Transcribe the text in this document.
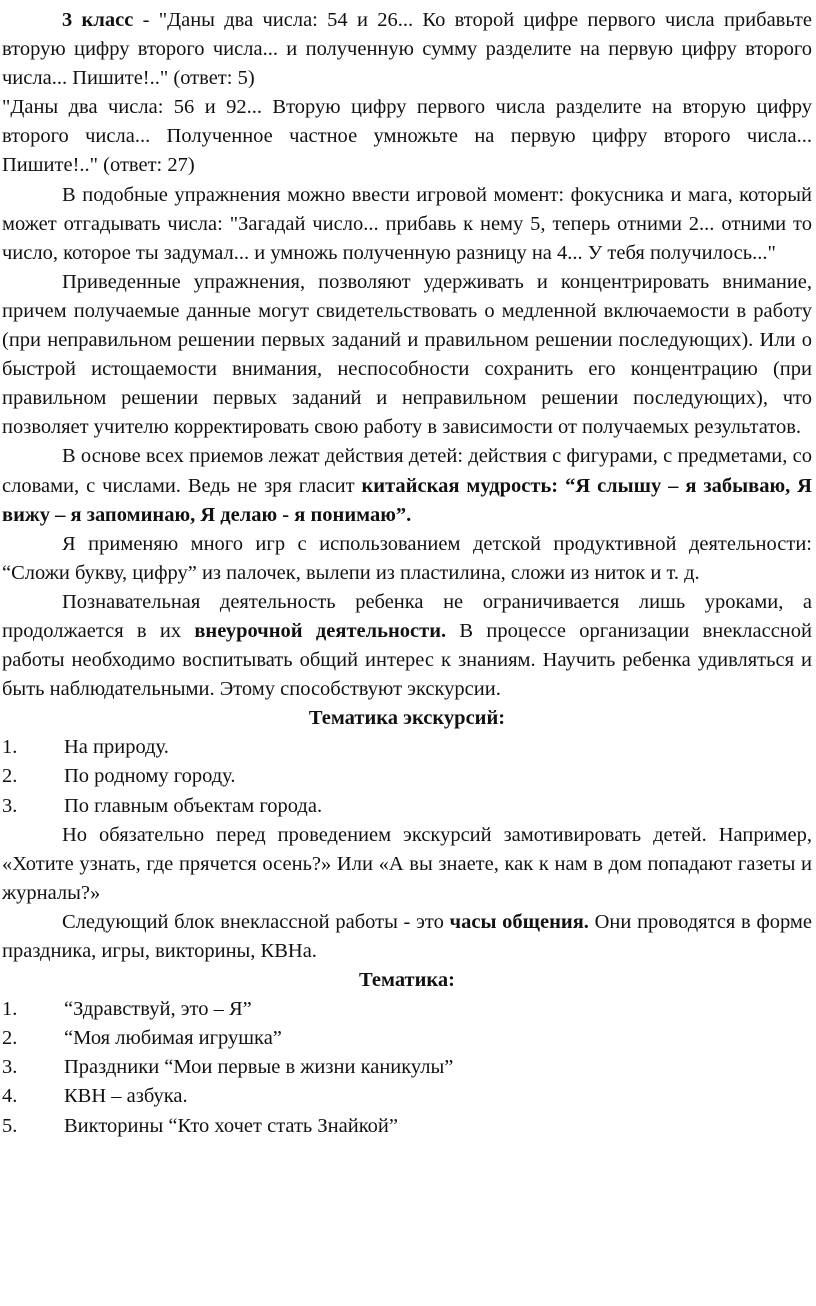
3 класс - "Даны два числа: 54 и 26... Ко второй цифре первого числа прибавьте вторую цифру второго числа... и полученную сумму разделите на первую цифру второго числа... Пишите!.." (ответ: 5)

"Даны два числа: 56 и 92... Вторую цифру первого числа разделите на вторую цифру второго числа... Полученное частное умножьте на первую цифру второго числа... Пишите!.." (ответ: 27)

В подобные упражнения можно ввести игровой момент: фокусника и мага, который может отгадывать числа: "Загадай число... прибавь к нему 5, теперь отними 2... отними то число, которое ты задумал... и умножь полученную разницу на 4... У тебя получилось..."

Приведенные упражнения, позволяют удерживать и концентрировать внимание, причем получаемые данные могут свидетельствовать о медленной включаемости в работу (при неправильном решении первых заданий и правильном решении последующих). Или о быстрой истощаемости внимания, неспособности сохранить его концентрацию (при правильном решении первых заданий и неправильном решении последующих), что позволяет учителю корректировать свою работу в зависимости от получаемых результатов.

В основе всех приемов лежат действия детей: действия с фигурами, с предметами, со словами, с числами. Ведь не зря гласит китайская мудрость: “Я слышу – я забываю, Я вижу – я запоминаю, Я делаю - я понимаю”.

Я применяю много игр с использованием детской продуктивной деятельности: “Сложи букву, цифру” из палочек, вылепи из пластилина, сложи из ниток и т. д.

Познавательная деятельность ребенка не ограничивается лишь уроками, а продолжается в их внеурочной деятельности. В процессе организации внеклассной работы необходимо воспитывать общий интерес к знаниям. Научить ребенка удивляться и быть наблюдательными. Этому способствуют экскурсии.

Тематика экскурсий:
1. На природу.
2. По родному городу.
3. По главным объектам города.

Но обязательно перед проведением экскурсий замотивировать детей. Например, «Хотите узнать, где прячется осень?» Или «А вы знаете, как к нам в дом попадают газеты и журналы?»

Следующий блок внеклассной работы - это часы общения. Они проводятся в форме праздника, игры, викторины, КВНа.

Тематика:
1. “Здравствуй, это – Я”
2. “Моя любимая игрушка”
3. Праздники “Мои первые в жизни каникулы”
4. КВН – азбука.
5. Викторины “Кто хочет стать Знайкой”
